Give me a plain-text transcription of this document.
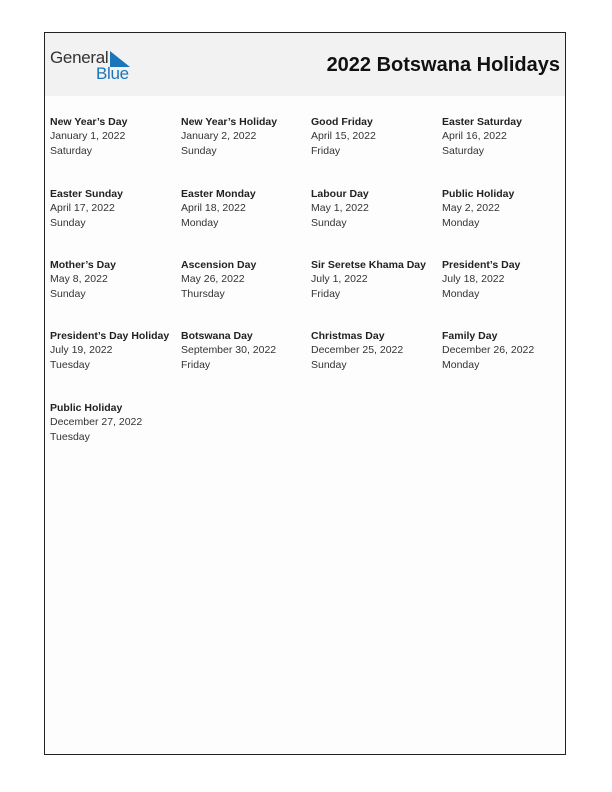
General
Blue	2022 Botswana Holidays
New Year’s Day
January 1, 2022
Saturday
New Year’s Holiday
January 2, 2022
Sunday
Good Friday
April 15, 2022
Friday
Easter Saturday
April 16, 2022
Saturday
Easter Sunday
April 17, 2022
Sunday
Easter Monday
April 18, 2022
Monday
Labour Day
May 1, 2022
Sunday
Public Holiday
May 2, 2022
Monday
Mother’s Day
May 8, 2022
Sunday
Ascension Day
May 26, 2022
Thursday
Sir Seretse Khama Day
July 1, 2022
Friday
President’s Day
July 18, 2022
Monday
President’s Day Holiday
July 19, 2022
Tuesday
Botswana Day
September 30, 2022
Friday
Christmas Day
December 25, 2022
Sunday
Family Day
December 26, 2022
Monday
Public Holiday
December 27, 2022
Tuesday
